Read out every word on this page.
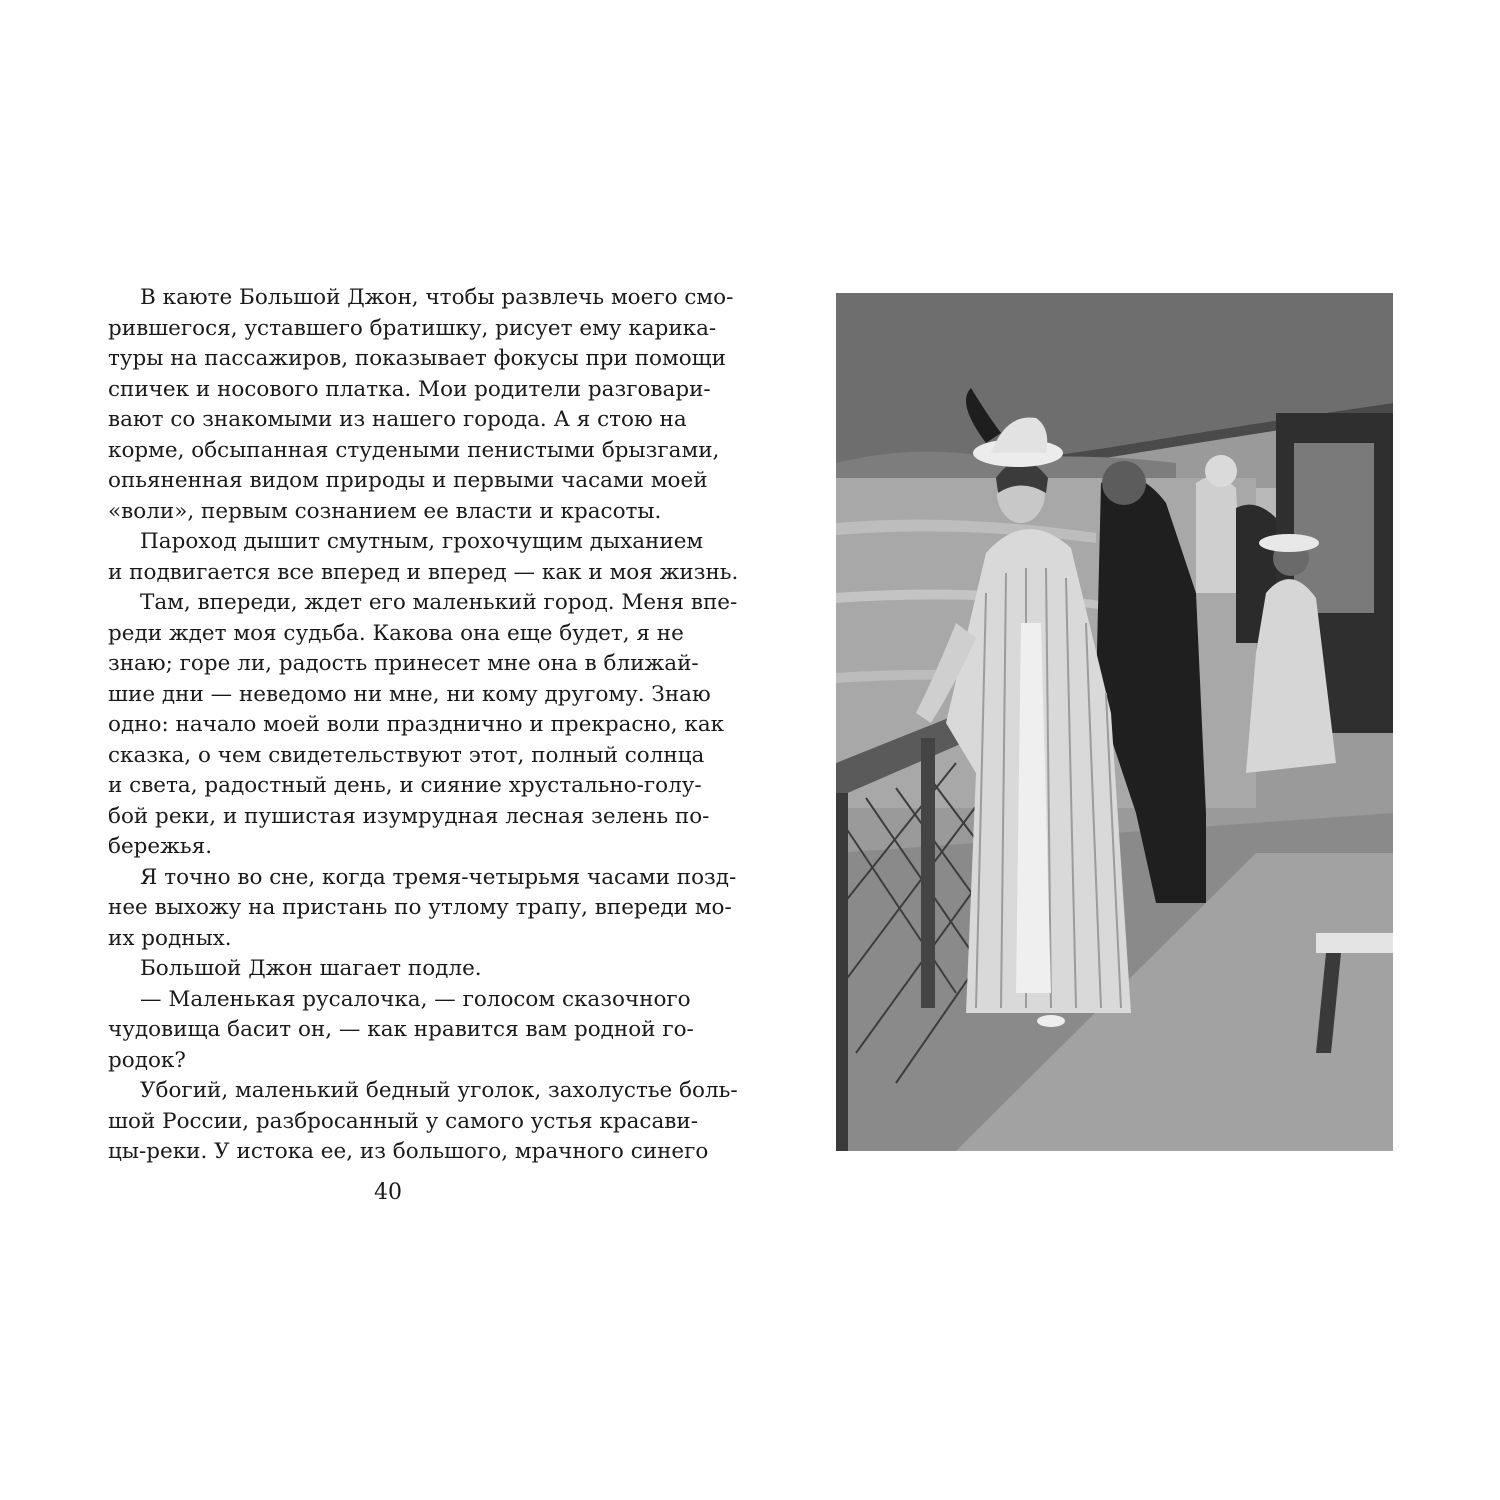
В каюте Большой Джон, чтобы развлечь моего смо-
рившегося, уставшего братишку, рисует ему карика-
туры на пассажиров, показывает фокусы при помощи
спичек и носового платка. Мои родители разговари-
вают со знакомыми из нашего города. А я стою на
корме, обсыпанная студеными пенистыми брызгами,
опьяненная видом природы и первыми часами моей
«воли», первым сознанием ее власти и красоты.
Пароход дышит смутным, грохочущим дыханием
и подвигается все вперед и вперед — как и моя жизнь.
Там, впереди, ждет его маленький город. Меня впе-
реди ждет моя судьба. Какова она еще будет, я не
знаю; горе ли, радость принесет мне она в ближай-
шие дни — неведомо ни мне, ни кому другому. Знаю
одно: начало моей воли празднично и прекрасно, как
сказка, о чем свидетельствуют этот, полный солнца
и света, радостный день, и сияние хрустально-голу-
бой реки, и пушистая изумрудная лесная зелень по-
бережья.
Я точно во сне, когда тремя-четырьмя часами позд-
нее выхожу на пристань по утлому трапу, впереди мо-
их родных.
Большой Джон шагает подле.
— Маленькая русалочка, — голосом сказочного
чудовища басит он, — как нравится вам родной го-
родок?
Убогий, маленький бедный уголок, захолустье боль-
шой России, разбросанный у самого устья красави-
цы-реки. У истока ее, из большого, мрачного синего
40
